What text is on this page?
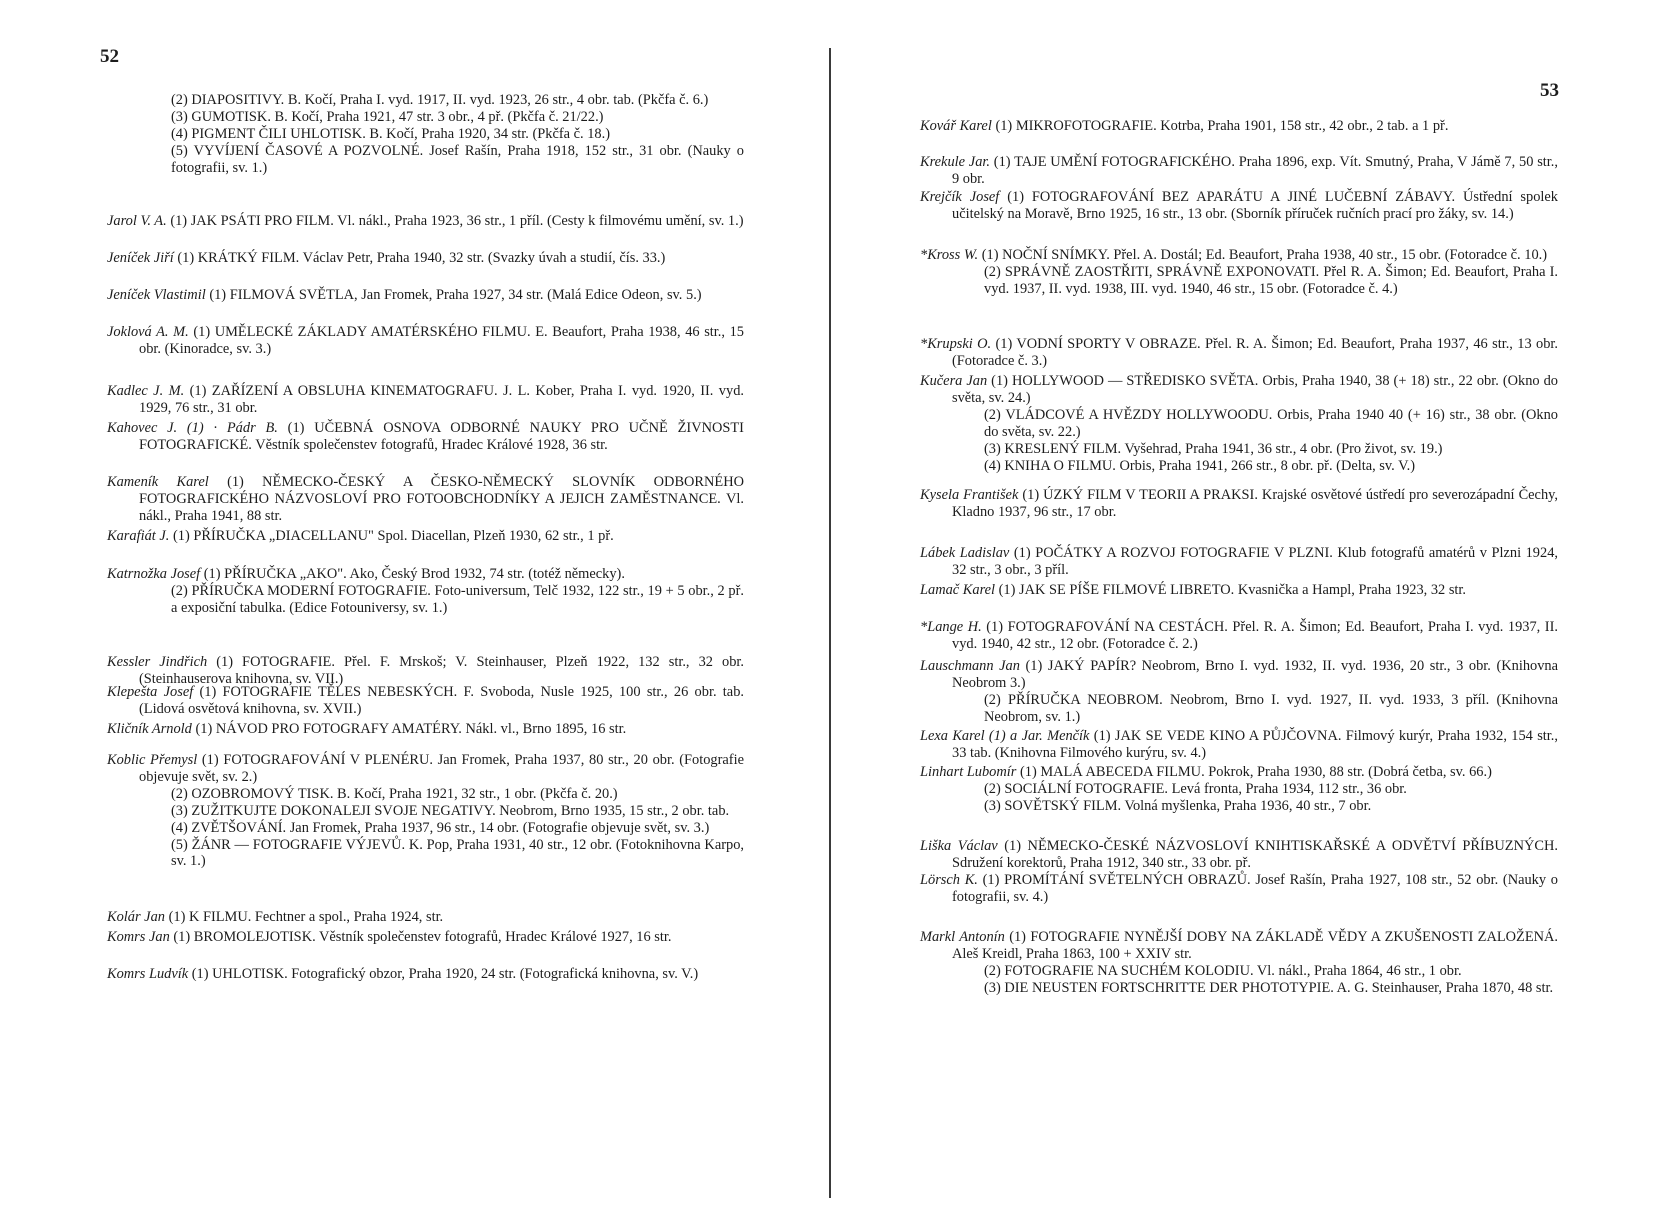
52
53
(2) DIAPOSITIVY. B. Kočí, Praha I. vyd. 1917, II. vyd. 1923, 26 str., 4 obr. tab. (Pkčfa č. 6.)
(3) GUMOTISK. B. Kočí, Praha 1921, 47 str. 3 obr., 4 př. (Pkčfa č. 21/22.)
(4) PIGMENT ČILI UHLOTISK. B. Kočí, Praha 1920, 34 str. (Pkčfa č. 18.)
(5) VYVÍJENÍ ČASOVÉ A POZVOLNÉ. Josef Rašín, Praha 1918, 152 str., 31 obr. (Nauky o fotografii, sv. 1.)
Jarol V. A. (1) JAK PSÁTI PRO FILM. Vl. nákl., Praha 1923, 36 str., 1 příl. (Cesty k filmovému umění, sv. 1.)
Jeníček Jiří (1) KRÁTKÝ FILM. Václav Petr, Praha 1940, 32 str. (Svazky úvah a studií, čís. 33.)
Jeníček Vlastimil (1) FILMOVÁ SVĚTLA, Jan Fromek, Praha 1927, 34 str. (Malá Edice Odeon, sv. 5.)
Joklová A. M. (1) UMĚLECKÉ ZÁKLADY AMATÉRSKÉHO FILMU. E. Beaufort, Praha 1938, 46 str., 15 obr. (Kinoradce, sv. 3.)
Kadlec J. M. (1) ZAŘÍZENÍ A OBSLUHA KINEMATOGRAFU. J. L. Kober, Praha I. vyd. 1920, II. vyd. 1929, 76 str., 31 obr.
Kahovec J. (1) · Pádr B. (1) UČEBNÁ OSNOVA ODBORNÉ NAUKY PRO UČNĚ ŽIVNOSTI FOTOGRAFICKÉ. Věstník společenstev fotografů, Hradec Králové 1928, 36 str.
Kameník Karel (1) NĚMECKO-ČESKÝ A ČESKO-NĚMECKÝ SLOVNÍK ODBORNÉHO FOTOGRAFICKÉHO NÁZVOSLOVÍ PRO FOTOOBCHODNÍKY A JEJICH ZAMĚSTNANCE. Vl. nákl., Praha 1941, 88 str.
Karafiát J. (1) PŘÍRUČKA „DIACELLANU" Spol. Diacellan, Plzeň 1930, 62 str., 1 př.
Katrnožka Josef (1) PŘÍRUČKA „AKO". Ako, Český Brod 1932, 74 str. (totéž německy).
(2) PŘÍRUČKA MODERNÍ FOTOGRAFIE. Foto-universum, Telč 1932, 122 str., 19 + 5 obr., 2 př. a exposiční tabulka. (Edice Fotouniversy, sv. 1.)
Kessler Jindřich (1) FOTOGRAFIE. Přel. F. Mrskoš; V. Steinhauser, Plzeň 1922, 132 str., 32 obr. (Steinhauserova knihovna, sv. VII.)
Klepešta Josef (1) FOTOGRAFIE TĚLES NEBESKÝCH. F. Svoboda, Nusle 1925, 100 str., 26 obr. tab. (Lidová osvětová knihovna, sv. XVII.)
Kličník Arnold (1) NÁVOD PRO FOTOGRAFY AMATÉRY. Nákl. vl., Brno 1895, 16 str.
Koblic Přemysl (1) FOTOGRAFOVÁNÍ V PLENÉRU. Jan Fromek, Praha 1937, 80 str., 20 obr. (Fotografie objevuje svět, sv. 2.)
(2) OZOBROMOVÝ TISK. B. Kočí, Praha 1921, 32 str., 1 obr. (Pkčfa č. 20.)
(3) ZUŽITKUJTE DOKONALEJI SVOJE NEGATIVY. Neobrom, Brno 1935, 15 str., 2 obr. tab.
(4) ZVĚTŠOVÁNÍ. Jan Fromek, Praha 1937, 96 str., 14 obr. (Fotografie objevuje svět, sv. 3.)
(5) ŽÁNR — FOTOGRAFIE VÝJEVŮ. K. Pop, Praha 1931, 40 str., 12 obr. (Fotoknihovna Karpo, sv. 1.)
Kolár Jan (1) K FILMU. Fechtner a spol., Praha 1924, str.
Komrs Jan (1) BROMOLEJOTISK. Věstník společenstev fotografů, Hradec Králové 1927, 16 str.
Komrs Ludvík (1) UHLOTISK. Fotografický obzor, Praha 1920, 24 str. (Fotografická knihovna, sv. V.)
Kovář Karel (1) MIKROFOTOGRAFIE. Kotrba, Praha 1901, 158 str., 42 obr., 2 tab. a 1 př.
Krekule Jar. (1) TAJE UMĚNÍ FOTOGRAFICKÉHO. Praha 1896, exp. Vít. Smutný, Praha, V Jámě 7, 50 str., 9 obr.
Krejčík Josef (1) FOTOGRAFOVÁNÍ BEZ APARÁTU A JINÉ LUČEBNÍ ZÁBAVY. Ústřední spolek učitelský na Moravě, Brno 1925, 16 str., 13 obr. (Sborník příruček ručních prací pro žáky, sv. 14.)
*Kross W. (1) NOČNÍ SNÍMKY. Přel. A. Dostál; Ed. Beaufort, Praha 1938, 40 str., 15 obr. (Fotoradce č. 10.)
(2) SPRÁVNĚ ZAOSTŘITI, SPRÁVNĚ EXPONOVATI. Přel R. A. Šimon; Ed. Beaufort, Praha I. vyd. 1937, II. vyd. 1938, III. vyd. 1940, 46 str., 15 obr. (Fotoradce č. 4.)
*Krupski O. (1) VODNÍ SPORTY V OBRAZE. Přel. R. A. Šimon; Ed. Beaufort, Praha 1937, 46 str., 13 obr. (Fotoradce č. 3.)
Kučera Jan (1) HOLLYWOOD — STŘEDISKO SVĚTA. Orbis, Praha 1940, 38 (+ 18) str., 22 obr. (Okno do světa, sv. 24.)
(2) VLÁDCOVÉ A HVĚZDY HOLLYWOODU. Orbis, Praha 1940 40 (+ 16) str., 38 obr. (Okno do světa, sv. 22.)
(3) KRESLENÝ FILM. Vyšehrad, Praha 1941, 36 str., 4 obr. (Pro život, sv. 19.)
(4) KNIHA O FILMU. Orbis, Praha 1941, 266 str., 8 obr. př. (Delta, sv. V.)
Kysela František (1) ÚZKÝ FILM V TEORII A PRAKSI. Krajské osvětové ústředí pro severozápadní Čechy, Kladno 1937, 96 str., 17 obr.
Lábek Ladislav (1) POČÁTKY A ROZVOJ FOTOGRAFIE V PLZNI. Klub fotografů amatérů v Plzni 1924, 32 str., 3 obr., 3 příl.
Lamač Karel (1) JAK SE PÍŠE FILMOVÉ LIBRETO. Kvasnička a Hampl, Praha 1923, 32 str.
*Lange H. (1) FOTOGRAFOVÁNÍ NA CESTÁCH. Přel. R. A. Šimon; Ed. Beaufort, Praha I. vyd. 1937, II. vyd. 1940, 42 str., 12 obr. (Fotoradce č. 2.)
Lauschmann Jan (1) JAKÝ PAPÍR? Neobrom, Brno I. vyd. 1932, II. vyd. 1936, 20 str., 3 obr. (Knihovna Neobrom 3.)
(2) PŘÍRUČKA NEOBROM. Neobrom, Brno I. vyd. 1927, II. vyd. 1933, 3 příl. (Knihovna Neobrom, sv. 1.)
Lexa Karel (1) a Jar. Menčík (1) JAK SE VEDE KINO A PŮJČOVNA. Filmový kurýr, Praha 1932, 154 str., 33 tab. (Knihovna Filmového kurýru, sv. 4.)
Linhart Lubomír (1) MALÁ ABECEDA FILMU. Pokrok, Praha 1930, 88 str. (Dobrá četba, sv. 66.)
(2) SOCIÁLNÍ FOTOGRAFIE. Levá fronta, Praha 1934, 112 str., 36 obr.
(3) SOVĚTSKÝ FILM. Volná myšlenka, Praha 1936, 40 str., 7 obr.
Liška Václav (1) NĚMECKO-ČESKÉ NÁZVOSLOVÍ KNIHTISKAŘSKÉ A ODVĚTVÍ PŘÍBUZNÝCH. Sdružení korektorů, Praha 1912, 340 str., 33 obr. př.
Lörsch K. (1) PROMÍTÁNÍ SVĚTELNÝCH OBRAZŮ. Josef Rašín, Praha 1927, 108 str., 52 obr. (Nauky o fotografii, sv. 4.)
Markl Antonín (1) FOTOGRAFIE NYNĚJŠÍ DOBY NA ZÁKLADĚ VĚDY A ZKUŠENOSTI ZALOŽENÁ. Aleš Kreidl, Praha 1863, 100 + XXIV str.
(2) FOTOGRAFIE NA SUCHÉM KOLODIU. Vl. nákl., Praha 1864, 46 str., 1 obr.
(3) DIE NEUSTEN FORTSCHRITTE DER PHOTOTYPIE. A. G. Steinhauser, Praha 1870, 48 str.
